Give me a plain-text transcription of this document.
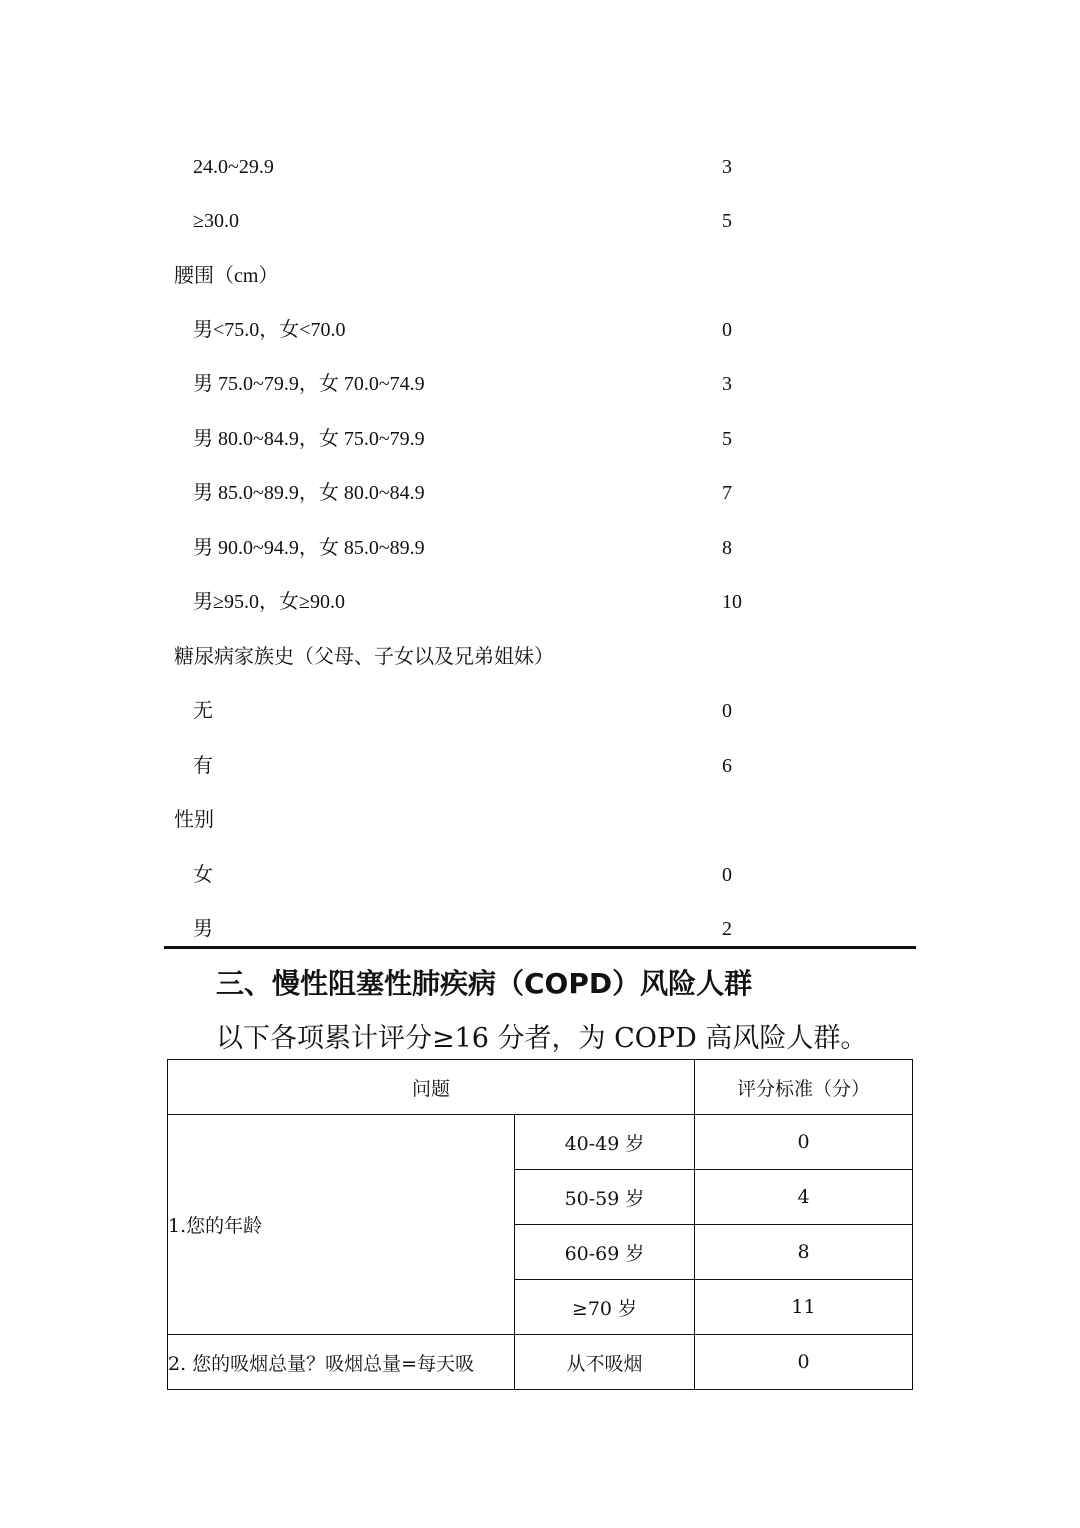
24.0~29.9	3
≥30.0	5
腰围（cm）
男<75.0，女<70.0	0
男 75.0~79.9，女 70.0~74.9	3
男 80.0~84.9，女 75.0~79.9	5
男 85.0~89.9，女 80.0~84.9	7
男 90.0~94.9，女 85.0~89.9	8
男≥95.0，女≥90.0	10
糖尿病家族史（父母、子女以及兄弟姐妹）
无	0
有	6
性别
女	0
男	2
三、慢性阻塞性肺疾病（COPD）风险人群
以下各项累计评分≥16 分者，为 COPD 高风险人群。
问题		评分标准（分）
1.您的年龄	40-49 岁	0
	50-59 岁	4
	60-69 岁	8
	≥70 岁	11

2. 您的吸烟总量？吸烟总量=每天吸	从不吸烟	0
